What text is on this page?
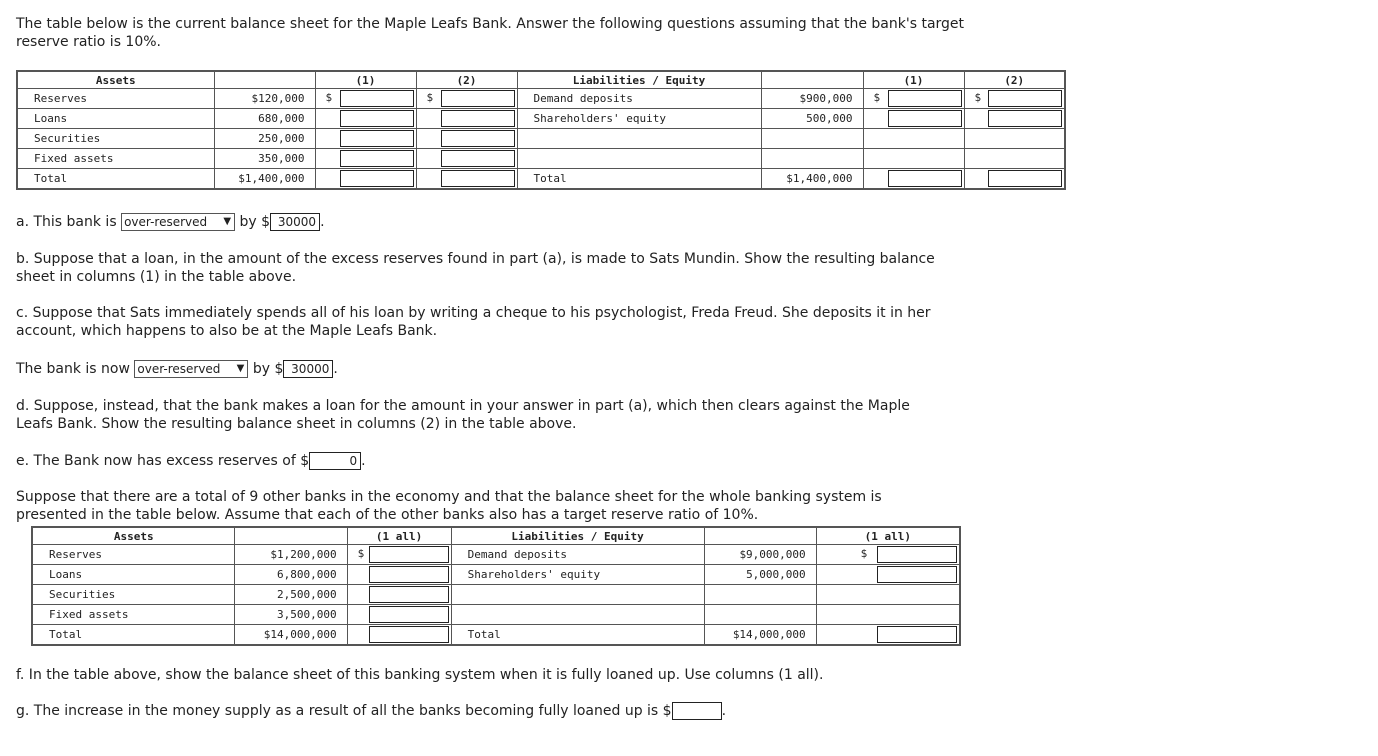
The table below is the current balance sheet for the Maple Leafs Bank. Answer the following questions assuming that the bank's target reserve ratio is 10%.

Assets		(1)	(2)	Liabilities / Equity		(1)	(2)
Reserves	$120,000	$	$	Demand deposits	$900,000	$	$

Loans	680,000			Shareholders' equity	500,000	

Securities	250,000	

Fixed assets	350,000	

Total	$1,400,000			Total	$1,400,000	

a. This bank is over-reserved ▼ by $ 30000 .

b. Suppose that a loan, in the amount of the excess reserves found in part (a), is made to Sats Mundin. Show the resulting balance sheet in columns (1) in the table above.

c. Suppose that Sats immediately spends all of his loan by writing a cheque to his psychologist, Freda Freud. She deposits it in her account, which happens to also be at the Maple Leafs Bank.

The bank is now over-reserved ▼ by $ 30000 .

d. Suppose, instead, that the bank makes a loan for the amount in your answer in part (a), which then clears against the Maple Leafs Bank. Show the resulting balance sheet in columns (2) in the table above.

e. The Bank now has excess reserves of $	0 .

Suppose that there are a total of 9 other banks in the economy and that the balance sheet for the whole banking system is presented in the table below. Assume that each of the other banks also has a target reserve ratio of 10%.

Assets		(1 all)	Liabilities / Equity		(1 all)
Reserves	$1,200,000	$	Demand deposits	$9,000,000	$

Loans	6,800,000		Shareholders' equity	5,000,000	

Securities	2,500,000	

Fixed assets	3,500,000	

Total	$14,000,000		Total	$14,000,000	
f. In the table above, show the balance sheet of this banking system when it is fully loaned up. Use columns (1 all).
g. The increase in the money supply as a result of all the banks becoming fully loaned up is $	.
